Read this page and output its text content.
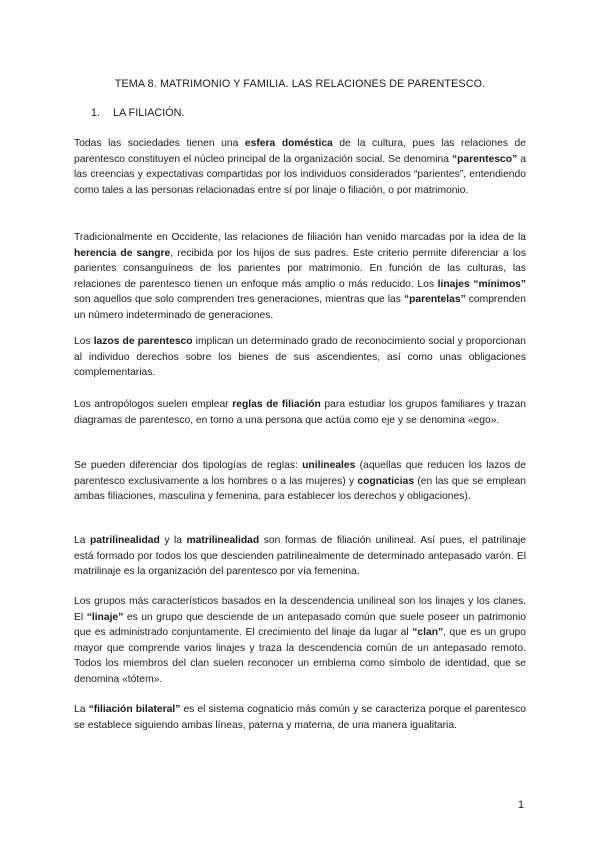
TEMA 8. MATRIMONIO Y FAMILIA. LAS RELACIONES DE PARENTESCO.
1. LA FILIACIÓN.

Todas las sociedades tienen una esfera doméstica de la cultura, pues las relaciones de parentesco constituyen el núcleo principal de la organización social. Se denomina “parentesco” a las creencias y expectativas compartidas por los individuos considerados “parientes”, entendiendo como tales a las personas relacionadas entre sí por linaje o filiación, o por matrimonio.

Tradicionalmente en Occidente, las relaciones de filiación han venido marcadas por la idea de la herencia de sangre, recibida por los hijos de sus padres. Este criterio permite diferenciar a los parientes consanguíneos de los parientes por matrimonio. En función de las culturas, las relaciones de parentesco tienen un enfoque más amplio o más reducido. Los linajes “mínimos” son aquellos que solo comprenden tres generaciones, mientras que las “parentelas” comprenden un número indeterminado de generaciones.

Los lazos de parentesco implican un determinado grado de reconocimiento social y proporcionan al individuo derechos sobre los bienes de sus ascendientes, así como unas obligaciones complementarias.

Los antropólogos suelen emplear reglas de filiación para estudiar los grupos familiares y trazan diagramas de parentesco, en torno a una persona que actúa como eje y se denomina «ego».

Se pueden diferenciar dos tipologías de reglas: unilineales (aquellas que reducen los lazos de parentesco exclusivamente a los hombres o a las mujeres) y cognaticias (en las que se emplean ambas filiaciones, masculina y femenina, para establecer los derechos y obligaciones).

La patrilinealidad y la matrilinealidad son formas de filiación unilineal. Así pues, el patrilinaje está formado por todos los que descienden patrilinealmente de determinado antepasado varón. El matrilinaje es la organización del parentesco por vía femenina.

Los grupos más característicos basados en la descendencia unilineal son los linajes y los clanes. El “linaje” es un grupo que desciende de un antepasado común que suele poseer un patrimonio que es administrado conjuntamente. El crecimiento del linaje da lugar al “clan”, que es un grupo mayor que comprende varios linajes y traza la descendencia común de un antepasado remoto. Todos los miembros del clan suelen reconocer un emblema como símbolo de identidad, que se denomina «tótem».

La “filiación bilateral” es el sistema cognaticio más común y se caracteriza porque el parentesco se establece siguiendo ambas líneas, paterna y materna, de una manera igualitaria.

1
